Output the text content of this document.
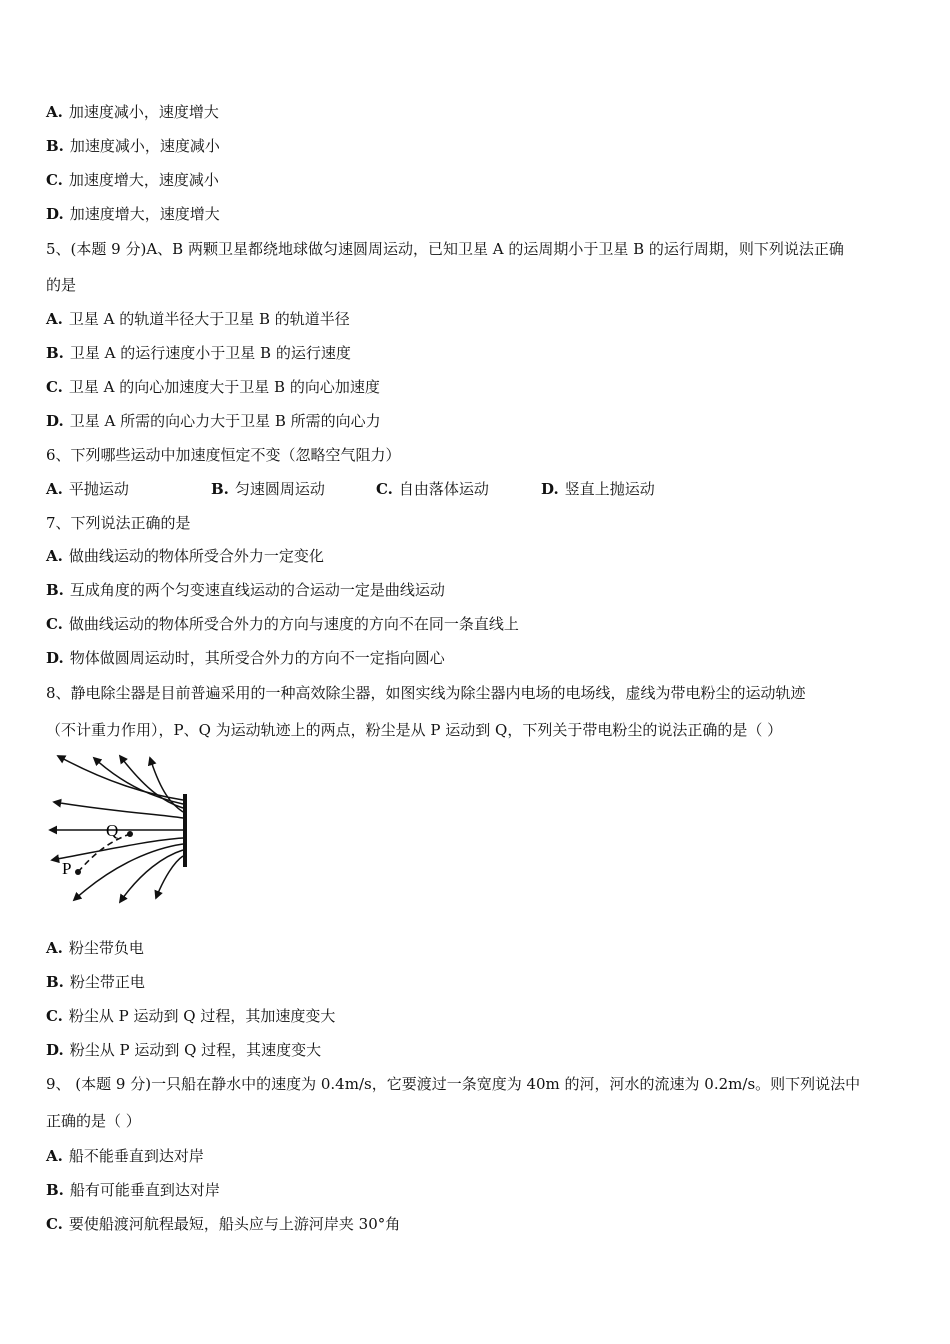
A. 加速度减小，速度增大
B. 加速度减小，速度减小
C. 加速度增大，速度减小
D. 加速度增大，速度增大
5、(本题 9 分)A、B 两颗卫星都绕地球做匀速圆周运动，已知卫星 A 的运周期小于卫星 B 的运行周期，则下列说法正确
的是
A. 卫星 A 的轨道半径大于卫星 B 的轨道半径
B. 卫星 A 的运行速度小于卫星 B 的运行速度
C. 卫星 A 的向心加速度大于卫星 B 的向心加速度
D. 卫星 A 所需的向心力大于卫星 B 所需的向心力
6、下列哪些运动中加速度恒定不变（忽略空气阻力）
A. 平抛运动	B. 匀速圆周运动	C. 自由落体运动	D. 竖直上抛运动
7、下列说法正确的是
A. 做曲线运动的物体所受合外力一定变化
B. 互成角度的两个匀变速直线运动的合运动一定是曲线运动
C. 做曲线运动的物体所受合外力的方向与速度的方向不在同一条直线上
D. 物体做圆周运动时，其所受合外力的方向不一定指向圆心
8、静电除尘器是目前普遍采用的一种高效除尘器，如图实线为除尘器内电场的电场线，虚线为带电粉尘的运动轨迹
（不计重力作用），P、Q 为运动轨迹上的两点，粉尘是从 P 运动到 Q，下列关于带电粉尘的说法正确的是（ ）
P
Q
A. 粉尘带负电
B. 粉尘带正电
C. 粉尘从 P 运动到 Q 过程，其加速度变大
D. 粉尘从 P 运动到 Q 过程，其速度变大
9、 (本题 9 分)一只船在静水中的速度为 0.4m/s，它要渡过一条宽度为 40m 的河，河水的流速为 0.2m/s。则下列说法中
正确的是（ ）
A. 船不能垂直到达对岸
B. 船有可能垂直到达对岸
C. 要使船渡河航程最短，船头应与上游河岸夹 30°角
